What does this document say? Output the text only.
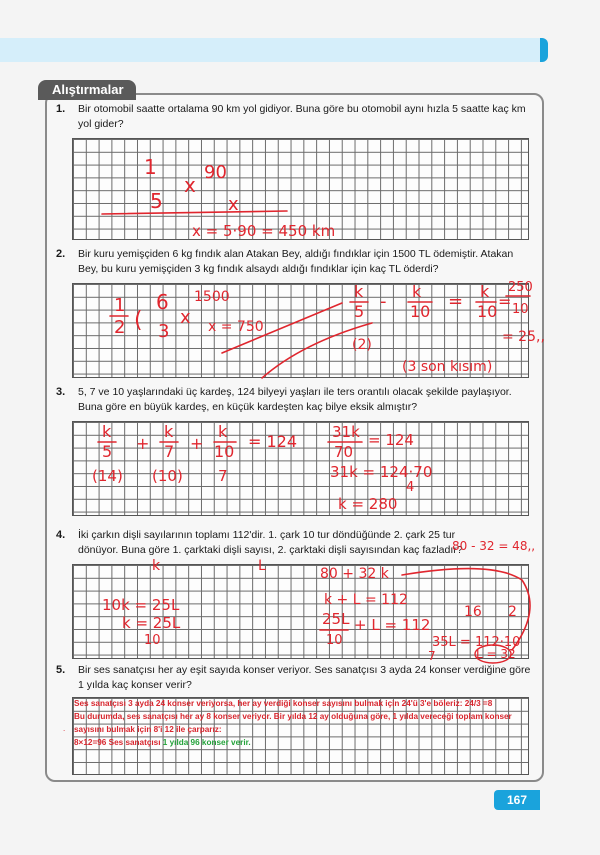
Alıştırmalar
1. Bir otomobil saatte ortalama 90 km yol gidiyor. Buna göre bu otomobil aynı hızla 5 saatte kaç km yol gider?
1	90
x
5	x
x = 5·90 = 450 km
2. Bir kuru yemişçiden 6 kg fındık alan Atakan Bey, aldığı fındıklar için 1500 TL ödemiştir. Atakan Bey, bu kuru yemişçiden 3 kg fındık alsaydı aldığı fındıklar için kaç TL öderdi?
1
2 (
6
3
x
1500
x = 750
k
5 - k
10 = k
10
=
250
10
= 25,,
(2)
(3 son kısım)
3. 5, 7 ve 10 yaşlarındaki üç kardeş, 124 bilyeyi yaşları ile ters orantılı olacak şekilde paylaşıyor. Buna göre en büyük kardeş, en küçük kardeşten kaç bilye eksik almıştır?
k
5 +
k
7 +
k
10
= 124 31k
70
= 124
31k = 124·70
4
k = 280
(14) (10) 7
4. İki çarkın dişli sayılarının toplamı 112'dir. 1. çark 10 tur döndüğünde 2. çark 25 tur dönüyor. Buna göre 1. çarktaki dişli sayısı, 2. çarktaki dişli sayısından kaç fazladır?
k	L
80 - 32 = 48,,
80 + 32 k
k + L = 112
10k = 25L
k = 25L
10
25L
10
+ L = 112
16 2
35L = 112·10
7	L = 32
5. Bir ses sanatçısı her ay eşit sayıda konser veriyor. Ses sanatçısı 3 ayda 24 konser verdiğine göre 1 yılda kaç konser verir?
.
Ses sanatçısı 3 ayda 24 konser veriyorsa, her ay verdiği konser sayısını bulmak için 24'ü 3'e böleriz: 24/3 =8
Bu durumda, ses sanatçısı her ay 8 konser veriyor. Bir yılda 12 ay olduğuna göre, 1 yılda vereceği toplam konser
sayısını bulmak için 8'i 12 ile çarparız:
8×12=96 Ses sanatçısı 1 yılda 96 konser verir.
167
